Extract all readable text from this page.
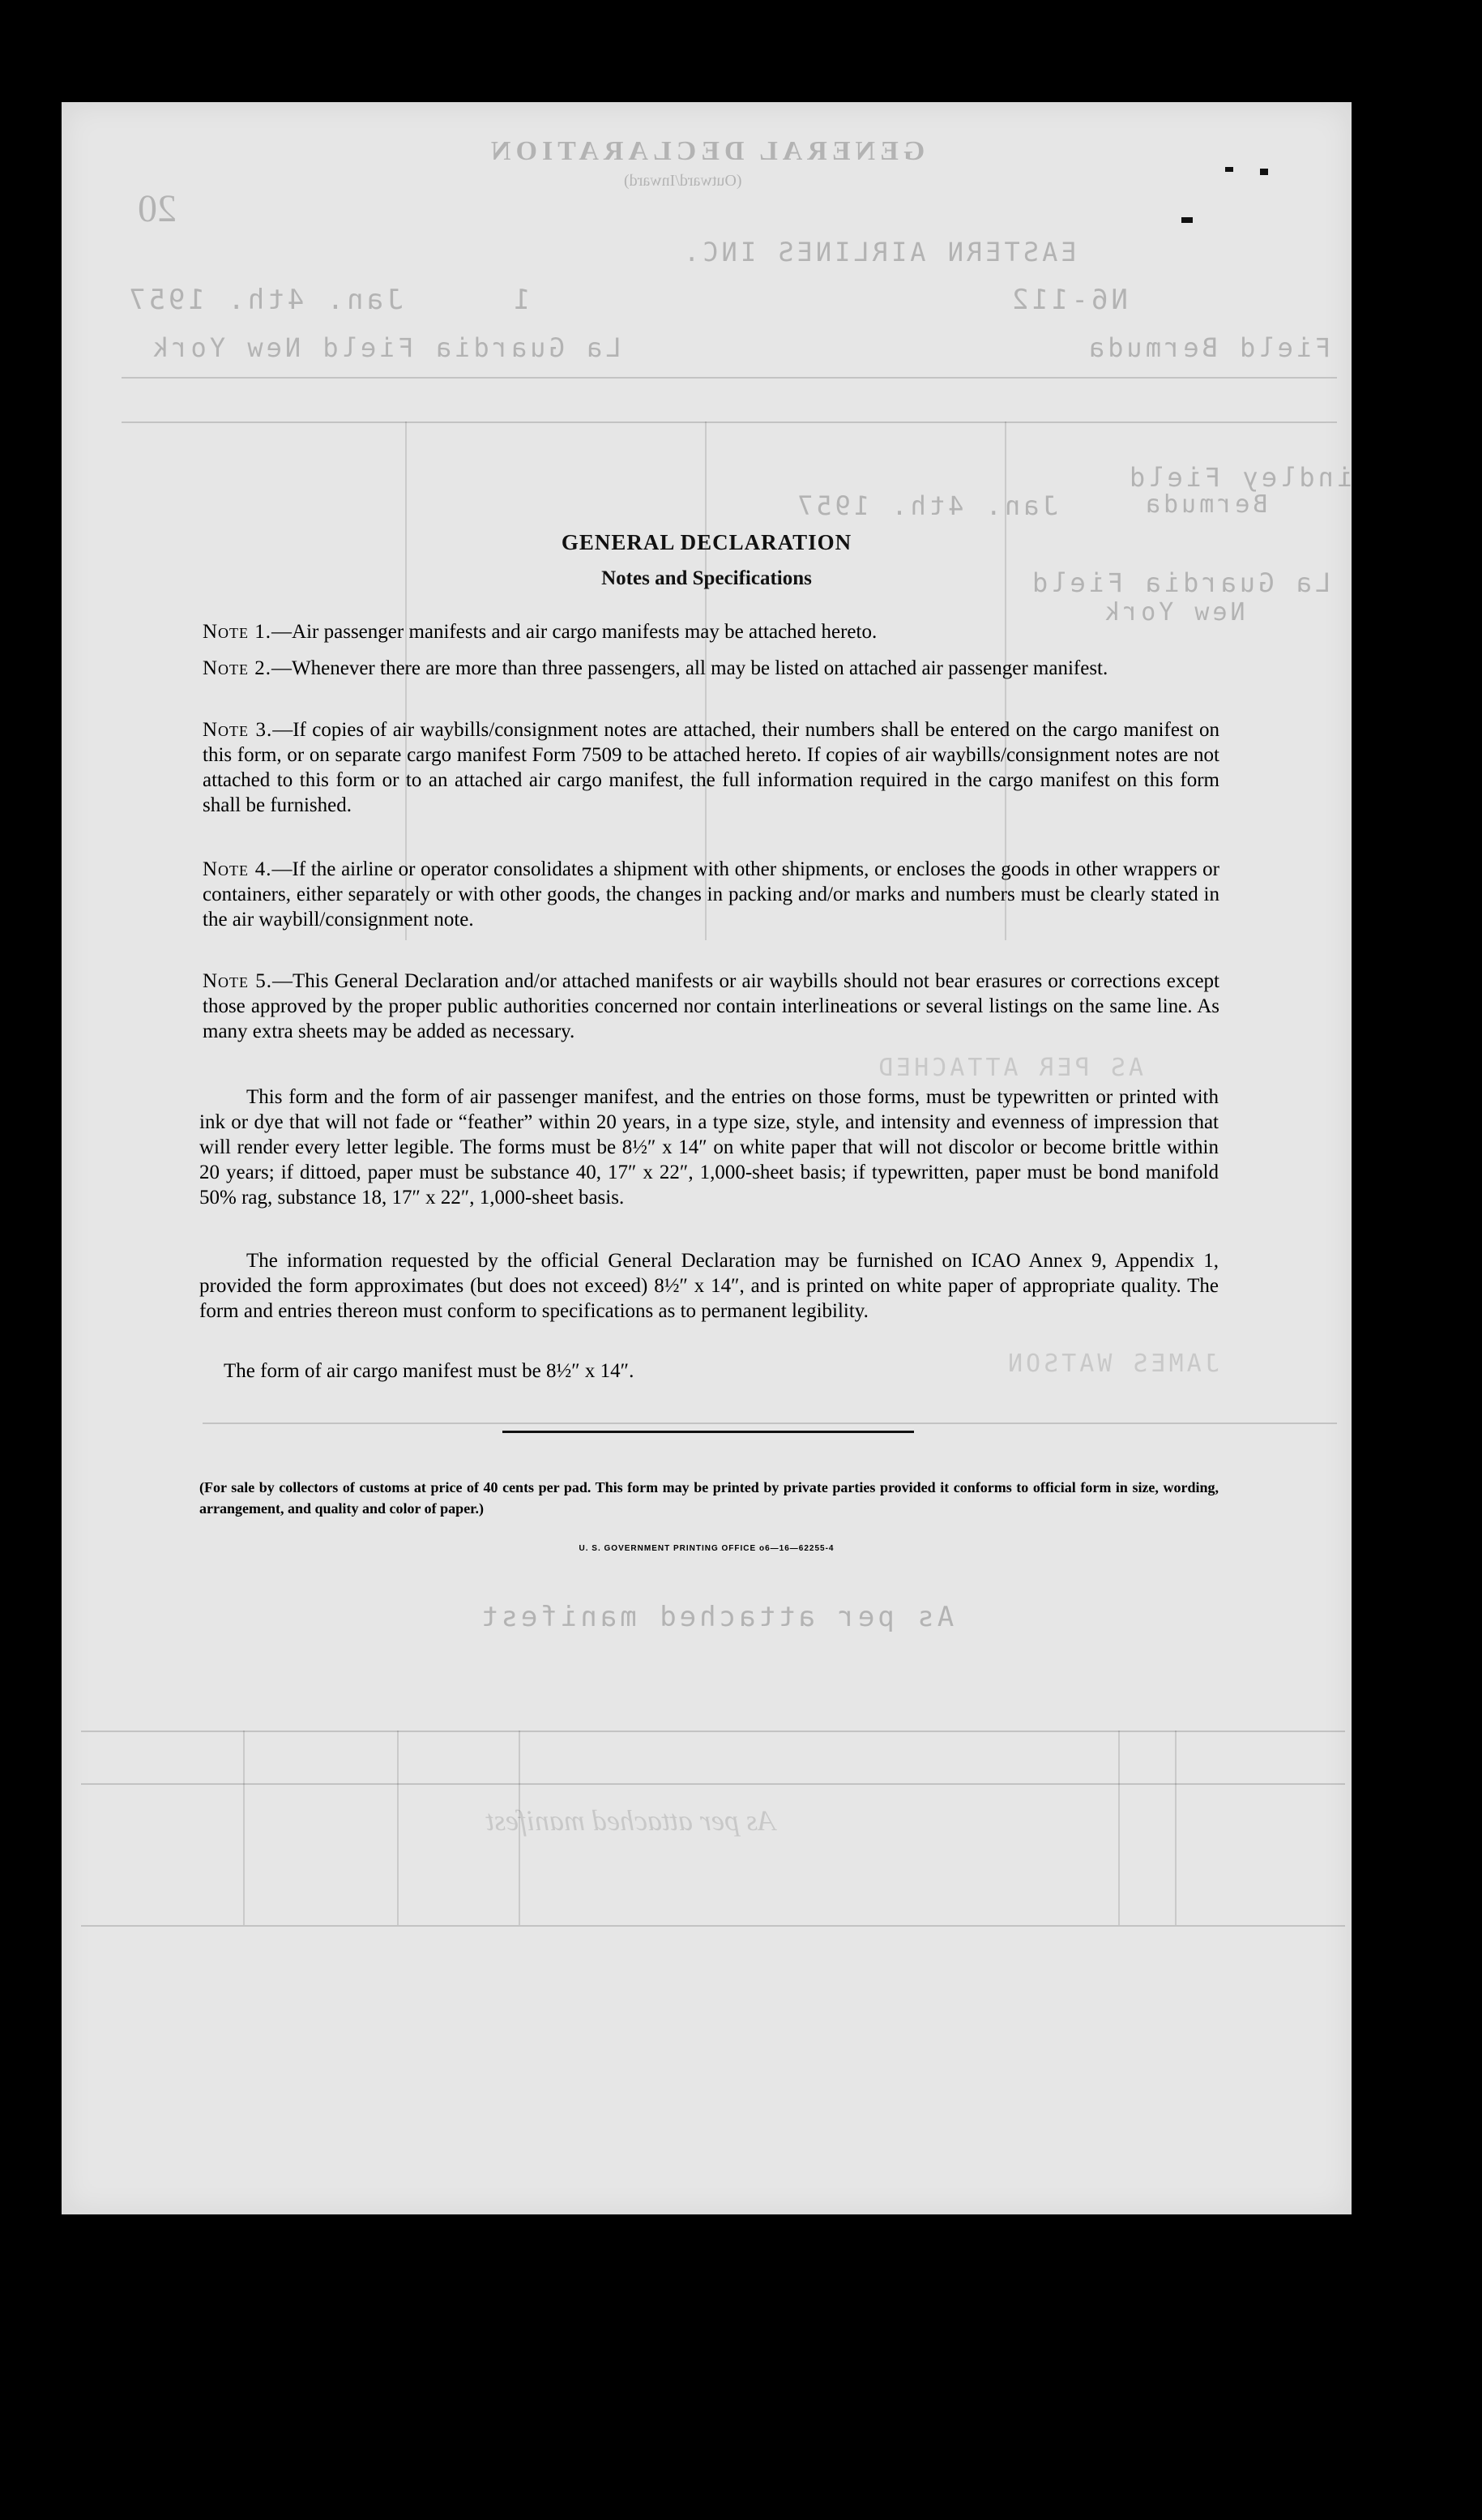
GENERAL DECLARATION
(Outward/Inward)
EASTERN AIRLINES INC.
Jan. 4th. 1957	1	N6-112
La Guardia Field New York	Kindley Field Bermuda
Kindley Field
Bermuda
Jan. 4th. 1957
La Guardia Field
New York
20
AS PER ATTACHED
JAMES WATSON
As per attached manifest
As per attached manifest
GENERAL DECLARATION
Notes and Specifications
Note 1.—Air passenger manifests and air cargo manifests may be attached hereto.
Note 2.—Whenever there are more than three passengers, all may be listed on attached air passenger manifest.
Note 3.—If copies of air waybills/consignment notes are attached, their numbers shall be entered on the cargo manifest on this form, or on separate cargo manifest Form 7509 to be attached hereto. If copies of air waybills/consignment notes are not attached to this form or to an attached air cargo manifest, the full information required in the cargo manifest on this form shall be furnished.
Note 4.—If the airline or operator consolidates a shipment with other shipments, or encloses the goods in other wrappers or containers, either separately or with other goods, the changes in packing and/or marks and numbers must be clearly stated in the air waybill/consignment note.
Note 5.—This General Declaration and/or attached manifests or air waybills should not bear erasures or corrections except those approved by the proper public authorities concerned nor contain interlineations or several listings on the same line. As many extra sheets may be added as necessary.
This form and the form of air passenger manifest, and the entries on those forms, must be typewritten or printed with ink or dye that will not fade or “feather” within 20 years, in a type size, style, and intensity and evenness of impression that will render every letter legible. The forms must be 8½″ x 14″ on white paper that will not discolor or become brittle within 20 years; if dittoed, paper must be substance 40, 17″ x 22″, 1,000-sheet basis; if typewritten, paper must be bond manifold 50% rag, substance 18, 17″ x 22″, 1,000-sheet basis.
The information requested by the official General Declaration may be furnished on ICAO Annex 9, Appendix 1, provided the form approximates (but does not exceed) 8½″ x 14″, and is printed on white paper of appropriate quality. The form and entries thereon must conform to specifications as to permanent legibility.
The form of air cargo manifest must be 8½″ x 14″.
(For sale by collectors of customs at price of 40 cents per pad. This form may be printed by private parties provided it conforms to official form in size, wording, arrangement, and quality and color of paper.)
U. S. GOVERNMENT PRINTING OFFICE o6—16—62255-4
